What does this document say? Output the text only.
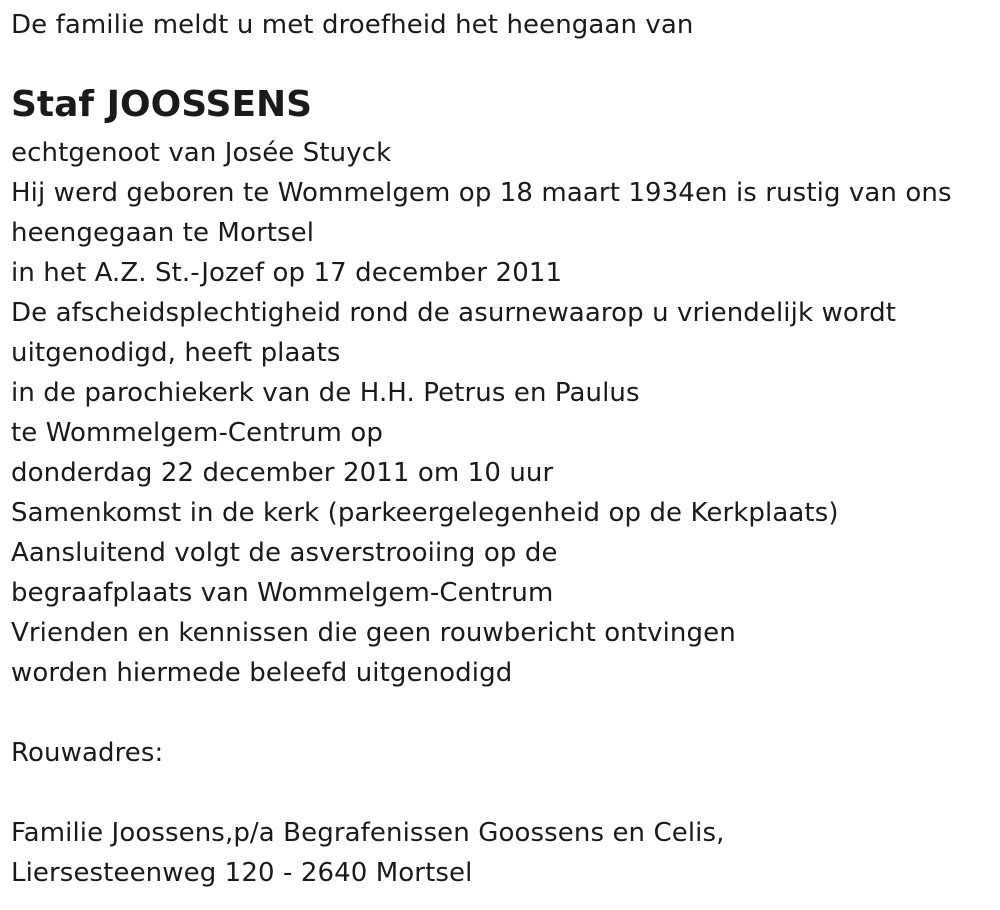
De familie meldt u met droefheid het heengaan van
Staf JOOSSENS
echtgenoot van Josée Stuyck
Hij werd geboren te Wommelgem op 18 maart 1934en is rustig van ons
heengegaan te Mortsel
in het A.Z. St.-Jozef op 17 december 2011
De afscheidsplechtigheid rond de asurnewaarop u vriendelijk wordt
uitgenodigd, heeft plaats
in de parochiekerk van de H.H. Petrus en Paulus
te Wommelgem-Centrum op
donderdag 22 december 2011 om 10 uur
Samenkomst in de kerk (parkeergelegenheid op de Kerkplaats)
Aansluitend volgt de asverstrooiing op de
begraafplaats van Wommelgem-Centrum
Vrienden en kennissen die geen rouwbericht ontvingen
worden hiermede beleefd uitgenodigd
Rouwadres:
Familie Joossens,p/a Begrafenissen Goossens en Celis,
Liersesteenweg 120 - 2640 Mortsel
